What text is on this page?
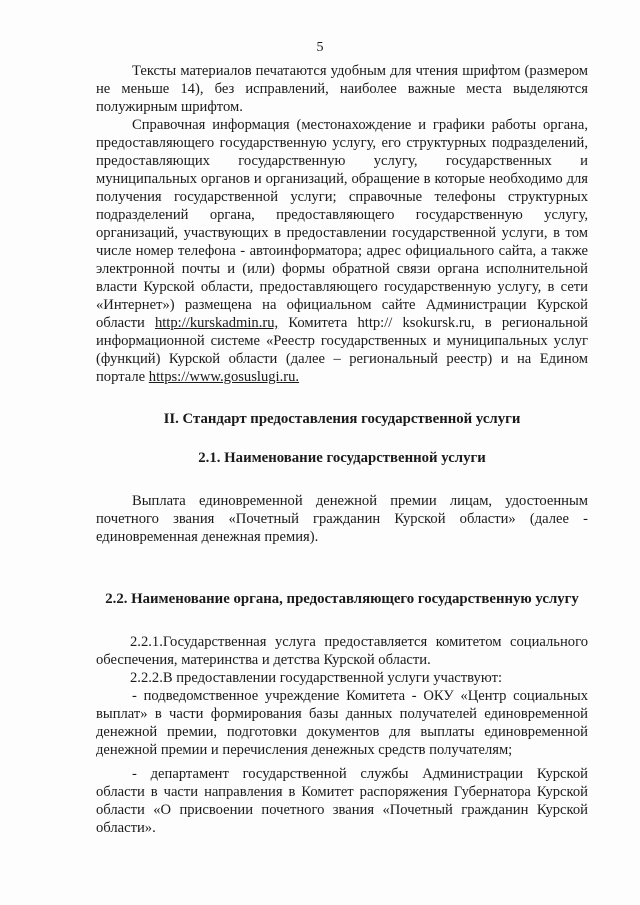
5

Тексты материалов печатаются удобным для чтения шрифтом (размером не меньше 14), без исправлений, наиболее важные места выделяются полужирным шрифтом.

Справочная информация (местонахождение и графики работы органа, предоставляющего государственную услугу, его структурных подразделений, предоставляющих государственную услугу, государственных и муниципальных органов и организаций, обращение в которые необходимо для получения государственной услуги; справочные телефоны структурных подразделений органа, предоставляющего государственную услугу, организаций, участвующих в предоставлении государственной услуги, в том числе номер телефона - автоинформатора; адрес официального сайта, а также электронной почты и (или) формы обратной связи органа исполнительной власти Курской области, предоставляющего государственную услугу, в сети «Интернет») размещена на официальном сайте Администрации Курской области http://kurskadmin.ru, Комитета http:// ksokursk.ru, в региональной информационной системе «Реестр государственных и муниципальных услуг (функций) Курской области (далее – региональный реестр) и на Едином портале https://www.gosuslugi.ru.

II. Стандарт предоставления государственной услуги
2.1. Наименование государственной услуги

Выплата единовременной денежной премии лицам, удостоенным почетного звания «Почетный гражданин Курской области» (далее - единовременная денежная премия).

2.2. Наименование органа, предоставляющего государственную услугу

2.2.1.Государственная услуга предоставляется комитетом социального обеспечения, материнства и детства Курской области.

2.2.2.В предоставлении государственной услуги участвуют:

- подведомственное учреждение Комитета - ОКУ «Центр социальных выплат» в части формирования базы данных получателей единовременной денежной премии, подготовки документов для выплаты единовременной денежной премии и перечисления денежных средств получателям;

- департамент государственной службы Администрации Курской области в части направления в Комитет распоряжения Губернатора Курской области «О присвоении почетного звания «Почетный гражданин Курской области».
